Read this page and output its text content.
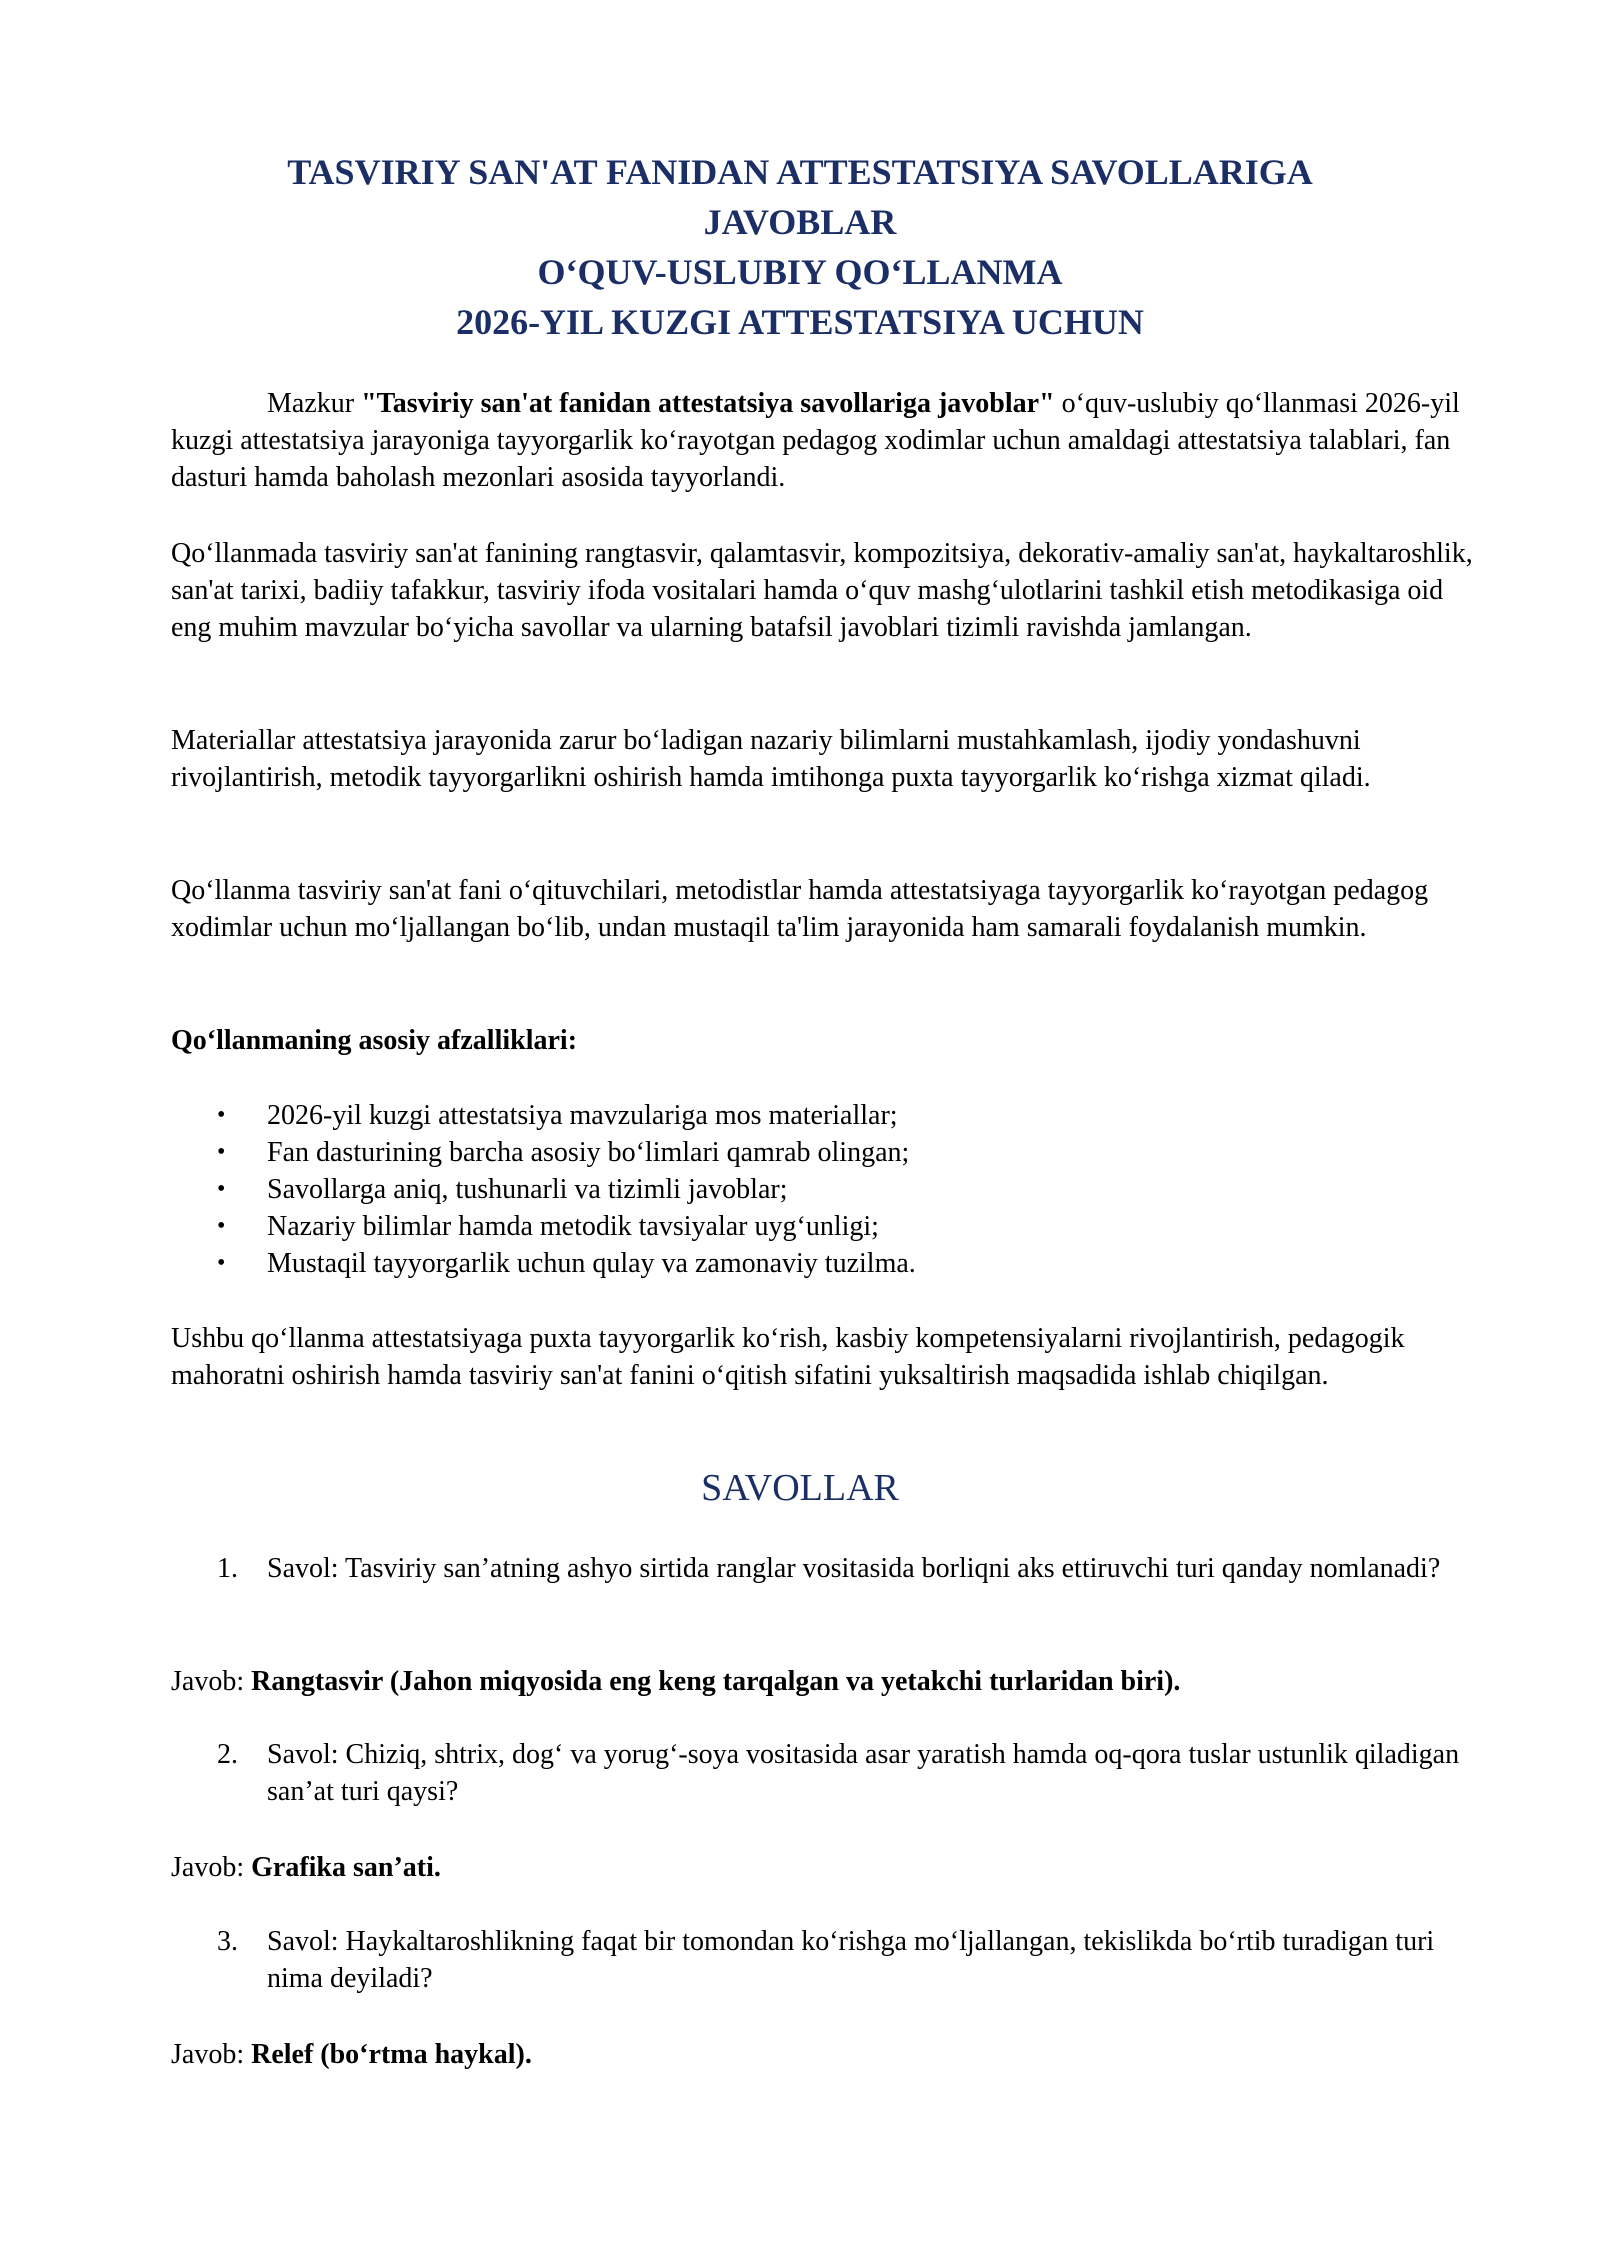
TASVIRIY SAN'AT FANIDAN ATTESTATSIYA SAVOLLARIGA
JAVOBLAR
O‘QUV-USLUBIY QO‘LLANMA
2026-YIL KUZGI ATTESTATSIYA UCHUN
Mazkur "Tasviriy san'at fanidan attestatsiya savollariga javoblar" o‘quv-uslubiy qo‘llanmasi 2026-yil kuzgi attestatsiya jarayoniga tayyorgarlik ko‘rayotgan pedagog xodimlar uchun amaldagi attestatsiya talablari, fan dasturi hamda baholash mezonlari asosida tayyorlandi.
Qo‘llanmada tasviriy san'at fanining rangtasvir, qalamtasvir, kompozitsiya, dekorativ-amaliy san'at, haykaltaroshlik, san'at tarixi, badiiy tafakkur, tasviriy ifoda vositalari hamda o‘quv mashg‘ulotlarini tashkil etish metodikasiga oid eng muhim mavzular bo‘yicha savollar va ularning batafsil javoblari tizimli ravishda jamlangan.
Materiallar attestatsiya jarayonida zarur bo‘ladigan nazariy bilimlarni mustahkamlash, ijodiy yondashuvni rivojlantirish, metodik tayyorgarlikni oshirish hamda imtihonga puxta tayyorgarlik ko‘rishga xizmat qiladi.
Qo‘llanma tasviriy san'at fani o‘qituvchilari, metodistlar hamda attestatsiyaga tayyorgarlik ko‘rayotgan pedagog xodimlar uchun mo‘ljallangan bo‘lib, undan mustaqil ta'lim jarayonida ham samarali foydalanish mumkin.
Qo‘llanmaning asosiy afzalliklari:
• 2026-yil kuzgi attestatsiya mavzulariga mos materiallar;
• Fan dasturining barcha asosiy bo‘limlari qamrab olingan;
• Savollarga aniq, tushunarli va tizimli javoblar;
• Nazariy bilimlar hamda metodik tavsiyalar uyg‘unligi;
• Mustaqil tayyorgarlik uchun qulay va zamonaviy tuzilma.
Ushbu qo‘llanma attestatsiyaga puxta tayyorgarlik ko‘rish, kasbiy kompetensiyalarni rivojlantirish, pedagogik mahoratni oshirish hamda tasviriy san'at fanini o‘qitish sifatini yuksaltirish maqsadida ishlab chiqilgan.
SAVOLLAR
1.	Savol: Tasviriy san’atning ashyo sirtida ranglar vositasida borliqni aks ettiruvchi turi qanday nomlanadi?
Javob: Rangtasvir (Jahon miqyosida eng keng tarqalgan va yetakchi turlaridan biri).
2.	Savol: Chiziq, shtrix, dog‘ va yorug‘-soya vositasida asar yaratish hamda oq-qora tuslar ustunlik qiladigan san’at turi qaysi?
Javob: Grafika san’ati.
3.	Savol: Haykaltaroshlikning faqat bir tomondan ko‘rishga mo‘ljallangan, tekislikda bo‘rtib turadigan turi nima deyiladi?
Javob: Relef (bo‘rtma haykal).
